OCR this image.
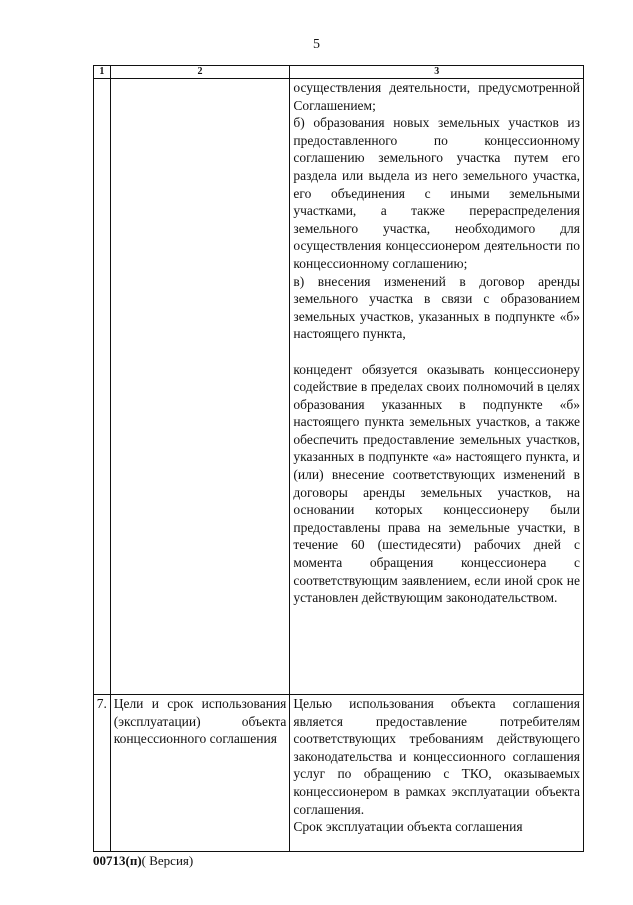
5
1	2	3

		осуществления деятельности, предусмотренной Соглашением;

б) образования новых земельных участков из предоставленного по концессионному соглашению земельного участка путем его раздела или выдела из него земельного участка, его объединения с иными земельными участками, а также перераспределения земельного участка, необходимого для осуществления концессионером деятельности по концессионному соглашению;

в) внесения изменений в договор аренды земельного участка в связи с образованием земельных участков, указанных в подпункте «б» настоящего пункта,

концедент обязуется оказывать концессионеру содействие в пределах своих полномочий в целях образования указанных в подпункте «б» настоящего пункта земельных участков, а также обеспечить предоставление земельных участков, указанных в подпункте «а» настоящего пункта, и (или) внесение соответствующих изменений в договоры аренды земельных участков, на основании которых концессионеру были предоставлены права на земельные участки, в течение 60 (шестидесяти) рабочих дней с момента обращения концессионера с соответствующим заявлением, если иной срок не установлен действующим законодательством.

7.	Цели и срок использования (эксплуатации) объекта концессионного соглашения	Целью использования объекта соглашения является предоставление потребителям соответствующих требованиям действующего законодательства и концессионного соглашения услуг по обращению с ТКО, оказываемых концессионером в рамках эксплуатации объекта соглашения.

Срок эксплуатации объекта соглашения

00713(п)( Версия)
